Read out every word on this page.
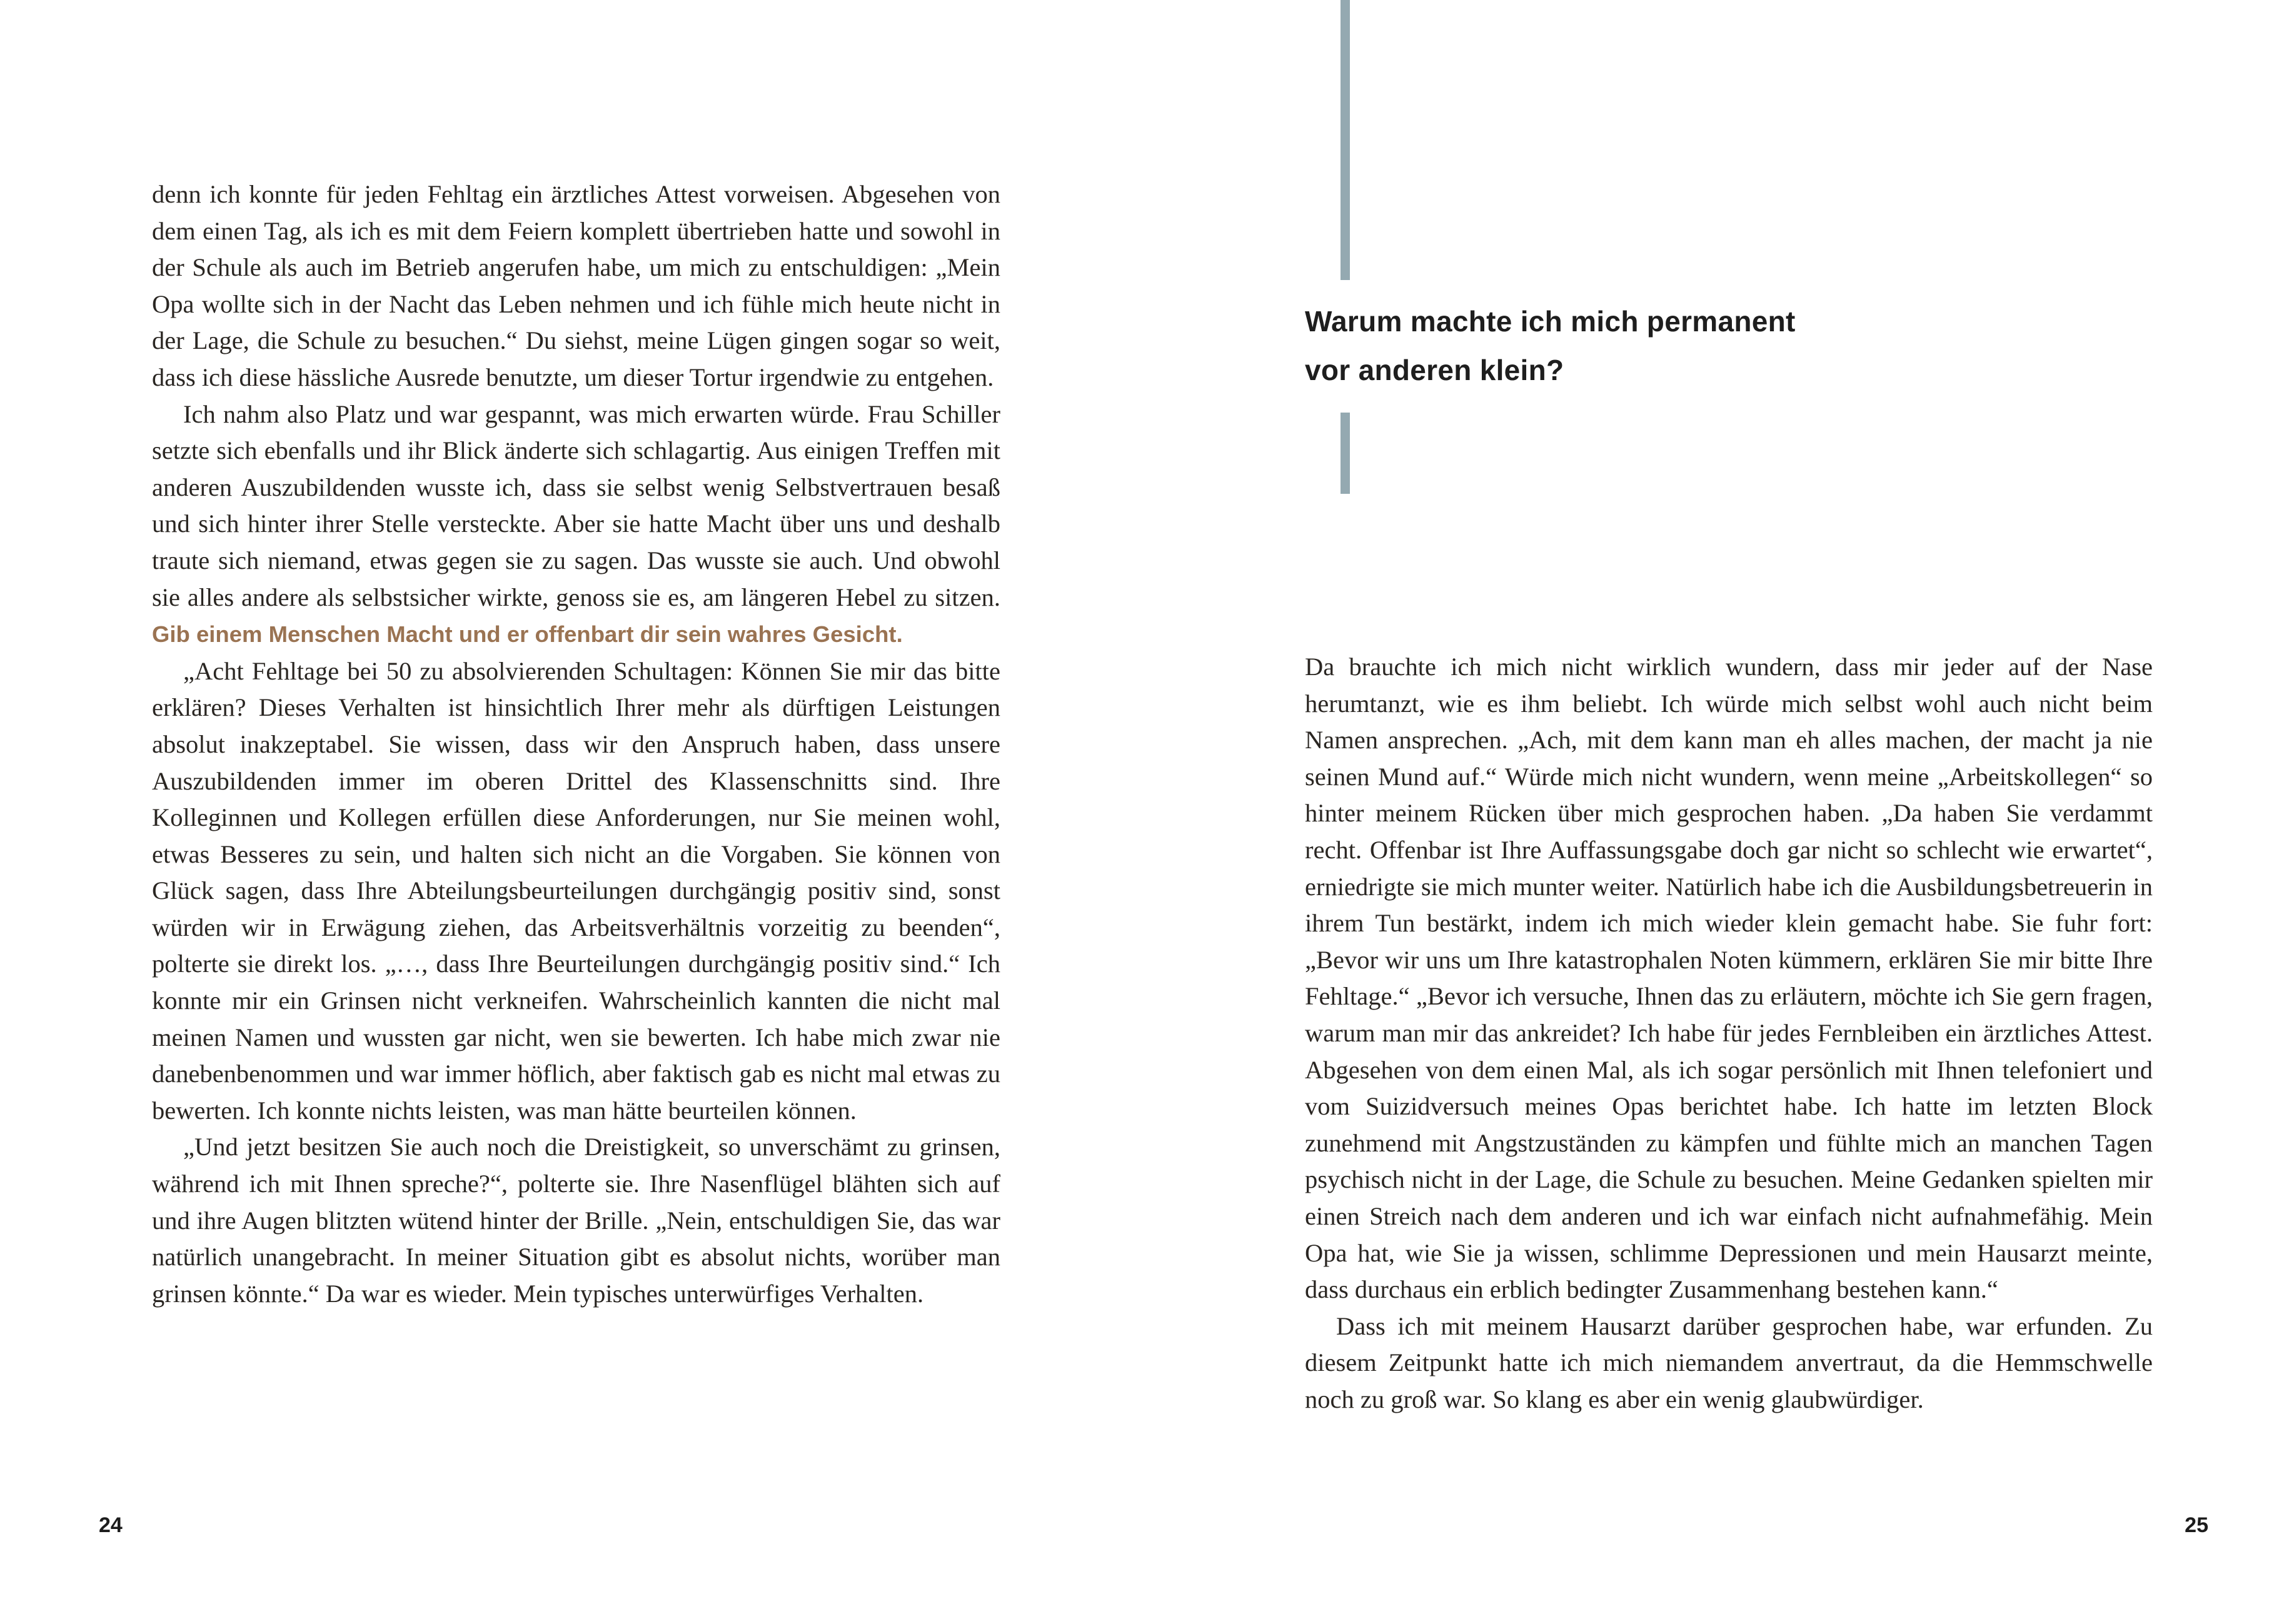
denn ich konnte für jeden Fehltag ein ärztliches Attest vorweisen. Abgesehen von dem einen Tag, als ich es mit dem Feiern komplett übertrieben hatte und sowohl in der Schule als auch im Betrieb angerufen habe, um mich zu entschuldigen: „Mein Opa wollte sich in der Nacht das Leben nehmen und ich fühle mich heute nicht in der Lage, die Schule zu besuchen.“ Du siehst, meine Lügen gingen sogar so weit, dass ich diese hässliche Ausrede benutzte, um dieser Tortur irgendwie zu entgehen.

Ich nahm also Platz und war gespannt, was mich erwarten würde. Frau Schiller setzte sich ebenfalls und ihr Blick änderte sich schlagartig. Aus einigen Treffen mit anderen Auszubildenden wusste ich, dass sie selbst wenig Selbstvertrauen besaß und sich hinter ihrer Stelle versteckte. Aber sie hatte Macht über uns und deshalb traute sich niemand, etwas gegen sie zu sagen. Das wusste sie auch. Und obwohl sie alles andere als selbstsicher wirkte, genoss sie es, am längeren Hebel zu sitzen. Gib einem Menschen Macht und er offenbart dir sein wahres Gesicht.

„Acht Fehltage bei 50 zu absolvierenden Schultagen: Können Sie mir das bitte erklären? Dieses Verhalten ist hinsichtlich Ihrer mehr als dürftigen Leistungen absolut inakzeptabel. Sie wissen, dass wir den Anspruch haben, dass unsere Auszubildenden immer im oberen Drittel des Klassenschnitts sind. Ihre Kolleginnen und Kollegen erfüllen diese Anforderungen, nur Sie meinen wohl, etwas Besseres zu sein, und halten sich nicht an die Vorgaben. Sie können von Glück sagen, dass Ihre Abteilungsbeurteilungen durchgängig positiv sind, sonst würden wir in Erwägung ziehen, das Arbeitsverhältnis vorzeitig zu beenden“, polterte sie direkt los. „…, dass Ihre Beurteilungen durchgängig positiv sind.“ Ich konnte mir ein Grinsen nicht verkneifen. Wahrscheinlich kannten die nicht mal meinen Namen und wussten gar nicht, wen sie bewerten. Ich habe mich zwar nie danebenbenommen und war immer höflich, aber faktisch gab es nicht mal etwas zu bewerten. Ich konnte nichts leisten, was man hätte beurteilen können.

„Und jetzt besitzen Sie auch noch die Dreistigkeit, so unverschämt zu grinsen, während ich mit Ihnen spreche?“, polterte sie. Ihre Nasenflügel blähten sich auf und ihre Augen blitzten wütend hinter der Brille. „Nein, entschuldigen Sie, das war natürlich unangebracht. In meiner Situation gibt es absolut nichts, worüber man grinsen könnte.“ Da war es wieder. Mein typisches unterwürfiges Verhalten.

24
Warum machte ich mich permanent
vor anderen klein?

Da brauchte ich mich nicht wirklich wundern, dass mir jeder auf der Nase herumtanzt, wie es ihm beliebt. Ich würde mich selbst wohl auch nicht beim Namen ansprechen. „Ach, mit dem kann man eh alles machen, der macht ja nie seinen Mund auf.“ Würde mich nicht wundern, wenn meine „Arbeitskollegen“ so hinter meinem Rücken über mich gesprochen haben. „Da haben Sie verdammt recht. Offenbar ist Ihre Auffassungsgabe doch gar nicht so schlecht wie erwartet“, erniedrigte sie mich munter weiter. Natürlich habe ich die Ausbildungsbetreuerin in ihrem Tun bestärkt, indem ich mich wieder klein gemacht habe. Sie fuhr fort: „Bevor wir uns um Ihre katastrophalen Noten kümmern, erklären Sie mir bitte Ihre Fehltage.“ „Bevor ich versuche, Ihnen das zu erläutern, möchte ich Sie gern fragen, warum man mir das ankreidet? Ich habe für jedes Fernbleiben ein ärztliches Attest. Abgesehen von dem einen Mal, als ich sogar persönlich mit Ihnen telefoniert und vom Suizidversuch meines Opas berichtet habe. Ich hatte im letzten Block zunehmend mit Angstzuständen zu kämpfen und fühlte mich an manchen Tagen psychisch nicht in der Lage, die Schule zu besuchen. Meine Gedanken spielten mir einen Streich nach dem anderen und ich war einfach nicht aufnahmefähig. Mein Opa hat, wie Sie ja wissen, schlimme Depressionen und mein Hausarzt meinte, dass durchaus ein erblich bedingter Zusammenhang bestehen kann.“

Dass ich mit meinem Hausarzt darüber gesprochen habe, war erfunden. Zu diesem Zeitpunkt hatte ich mich niemandem anvertraut, da die Hemmschwelle noch zu groß war. So klang es aber ein wenig glaubwürdiger.

25
